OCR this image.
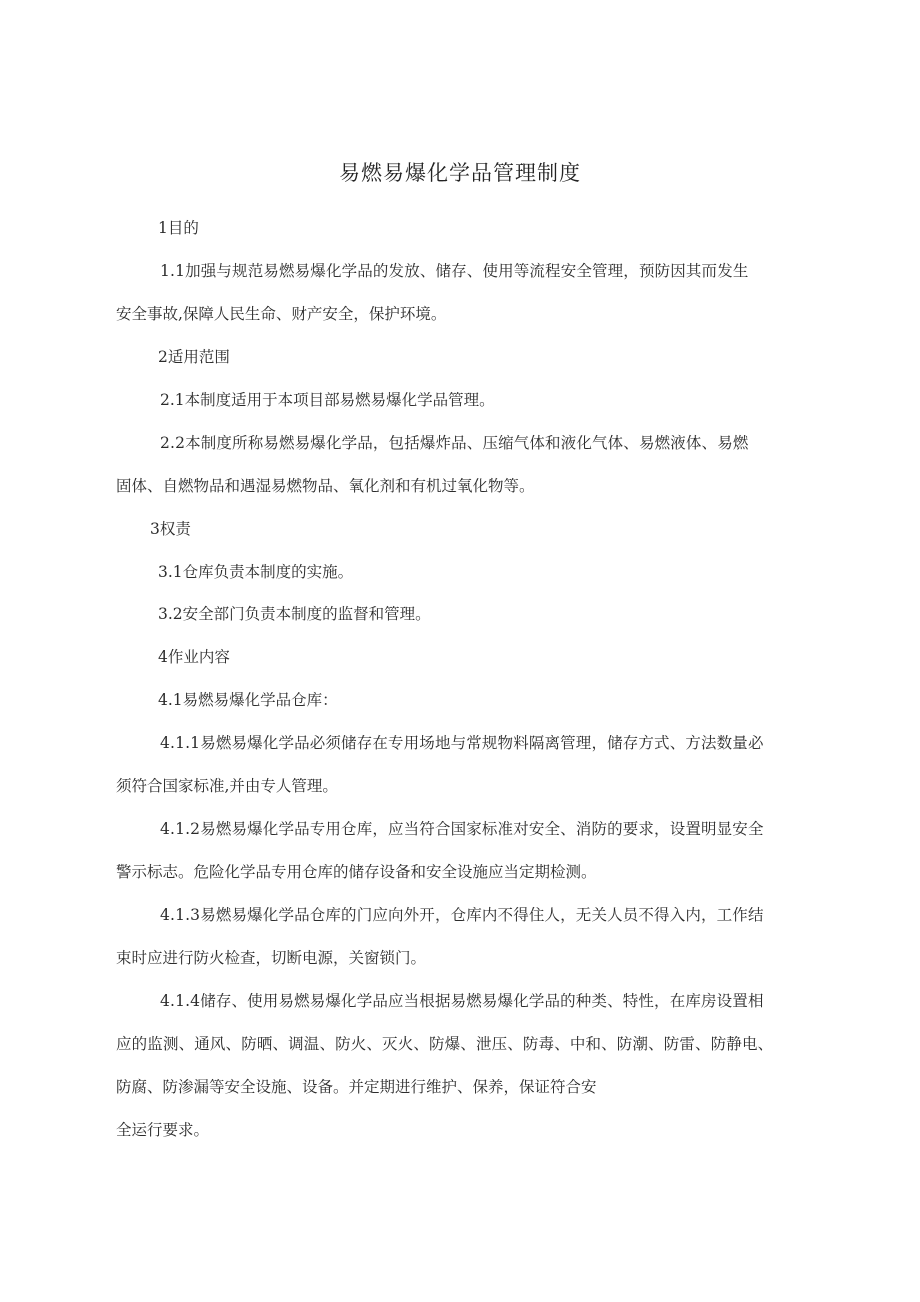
易燃易爆化学品管理制度
1目的
1.1加强与规范易燃易爆化学品的发放、储存、使用等流程安全管理，预防因其而发生
安全事故,保障人民生命、财产安全，保护环境。
2适用范围
2.1本制度适用于本项目部易燃易爆化学品管理。
2.2本制度所称易燃易爆化学品，包括爆炸品、压缩气体和液化气体、易燃液体、易燃
固体、自燃物品和遇湿易燃物品、氧化剂和有机过氧化物等。
3权责
3.1仓库负责本制度的实施。
3.2安全部门负责本制度的监督和管理。
4作业内容
4.1易燃易爆化学品仓库：
4.1.1易燃易爆化学品必须储存在专用场地与常规物料隔离管理，储存方式、方法数量必
须符合国家标准,并由专人管理。
4.1.2易燃易爆化学品专用仓库，应当符合国家标准对安全、消防的要求，设置明显安全
警示标志。危险化学品专用仓库的储存设备和安全设施应当定期检测。
4.1.3易燃易爆化学品仓库的门应向外开，仓库内不得住人，无关人员不得入内，工作结
束时应进行防火检查，切断电源，关窗锁门。
4.1.4储存、使用易燃易爆化学品应当根据易燃易爆化学品的种类、特性，在库房设置相
应的监测、通风、防晒、调温、防火、灭火、防爆、泄压、防毒、中和、防潮、防雷、防静电、
防腐、防渗漏等安全设施、设备。并定期进行维护、保养，保证符合安
全运行要求。
